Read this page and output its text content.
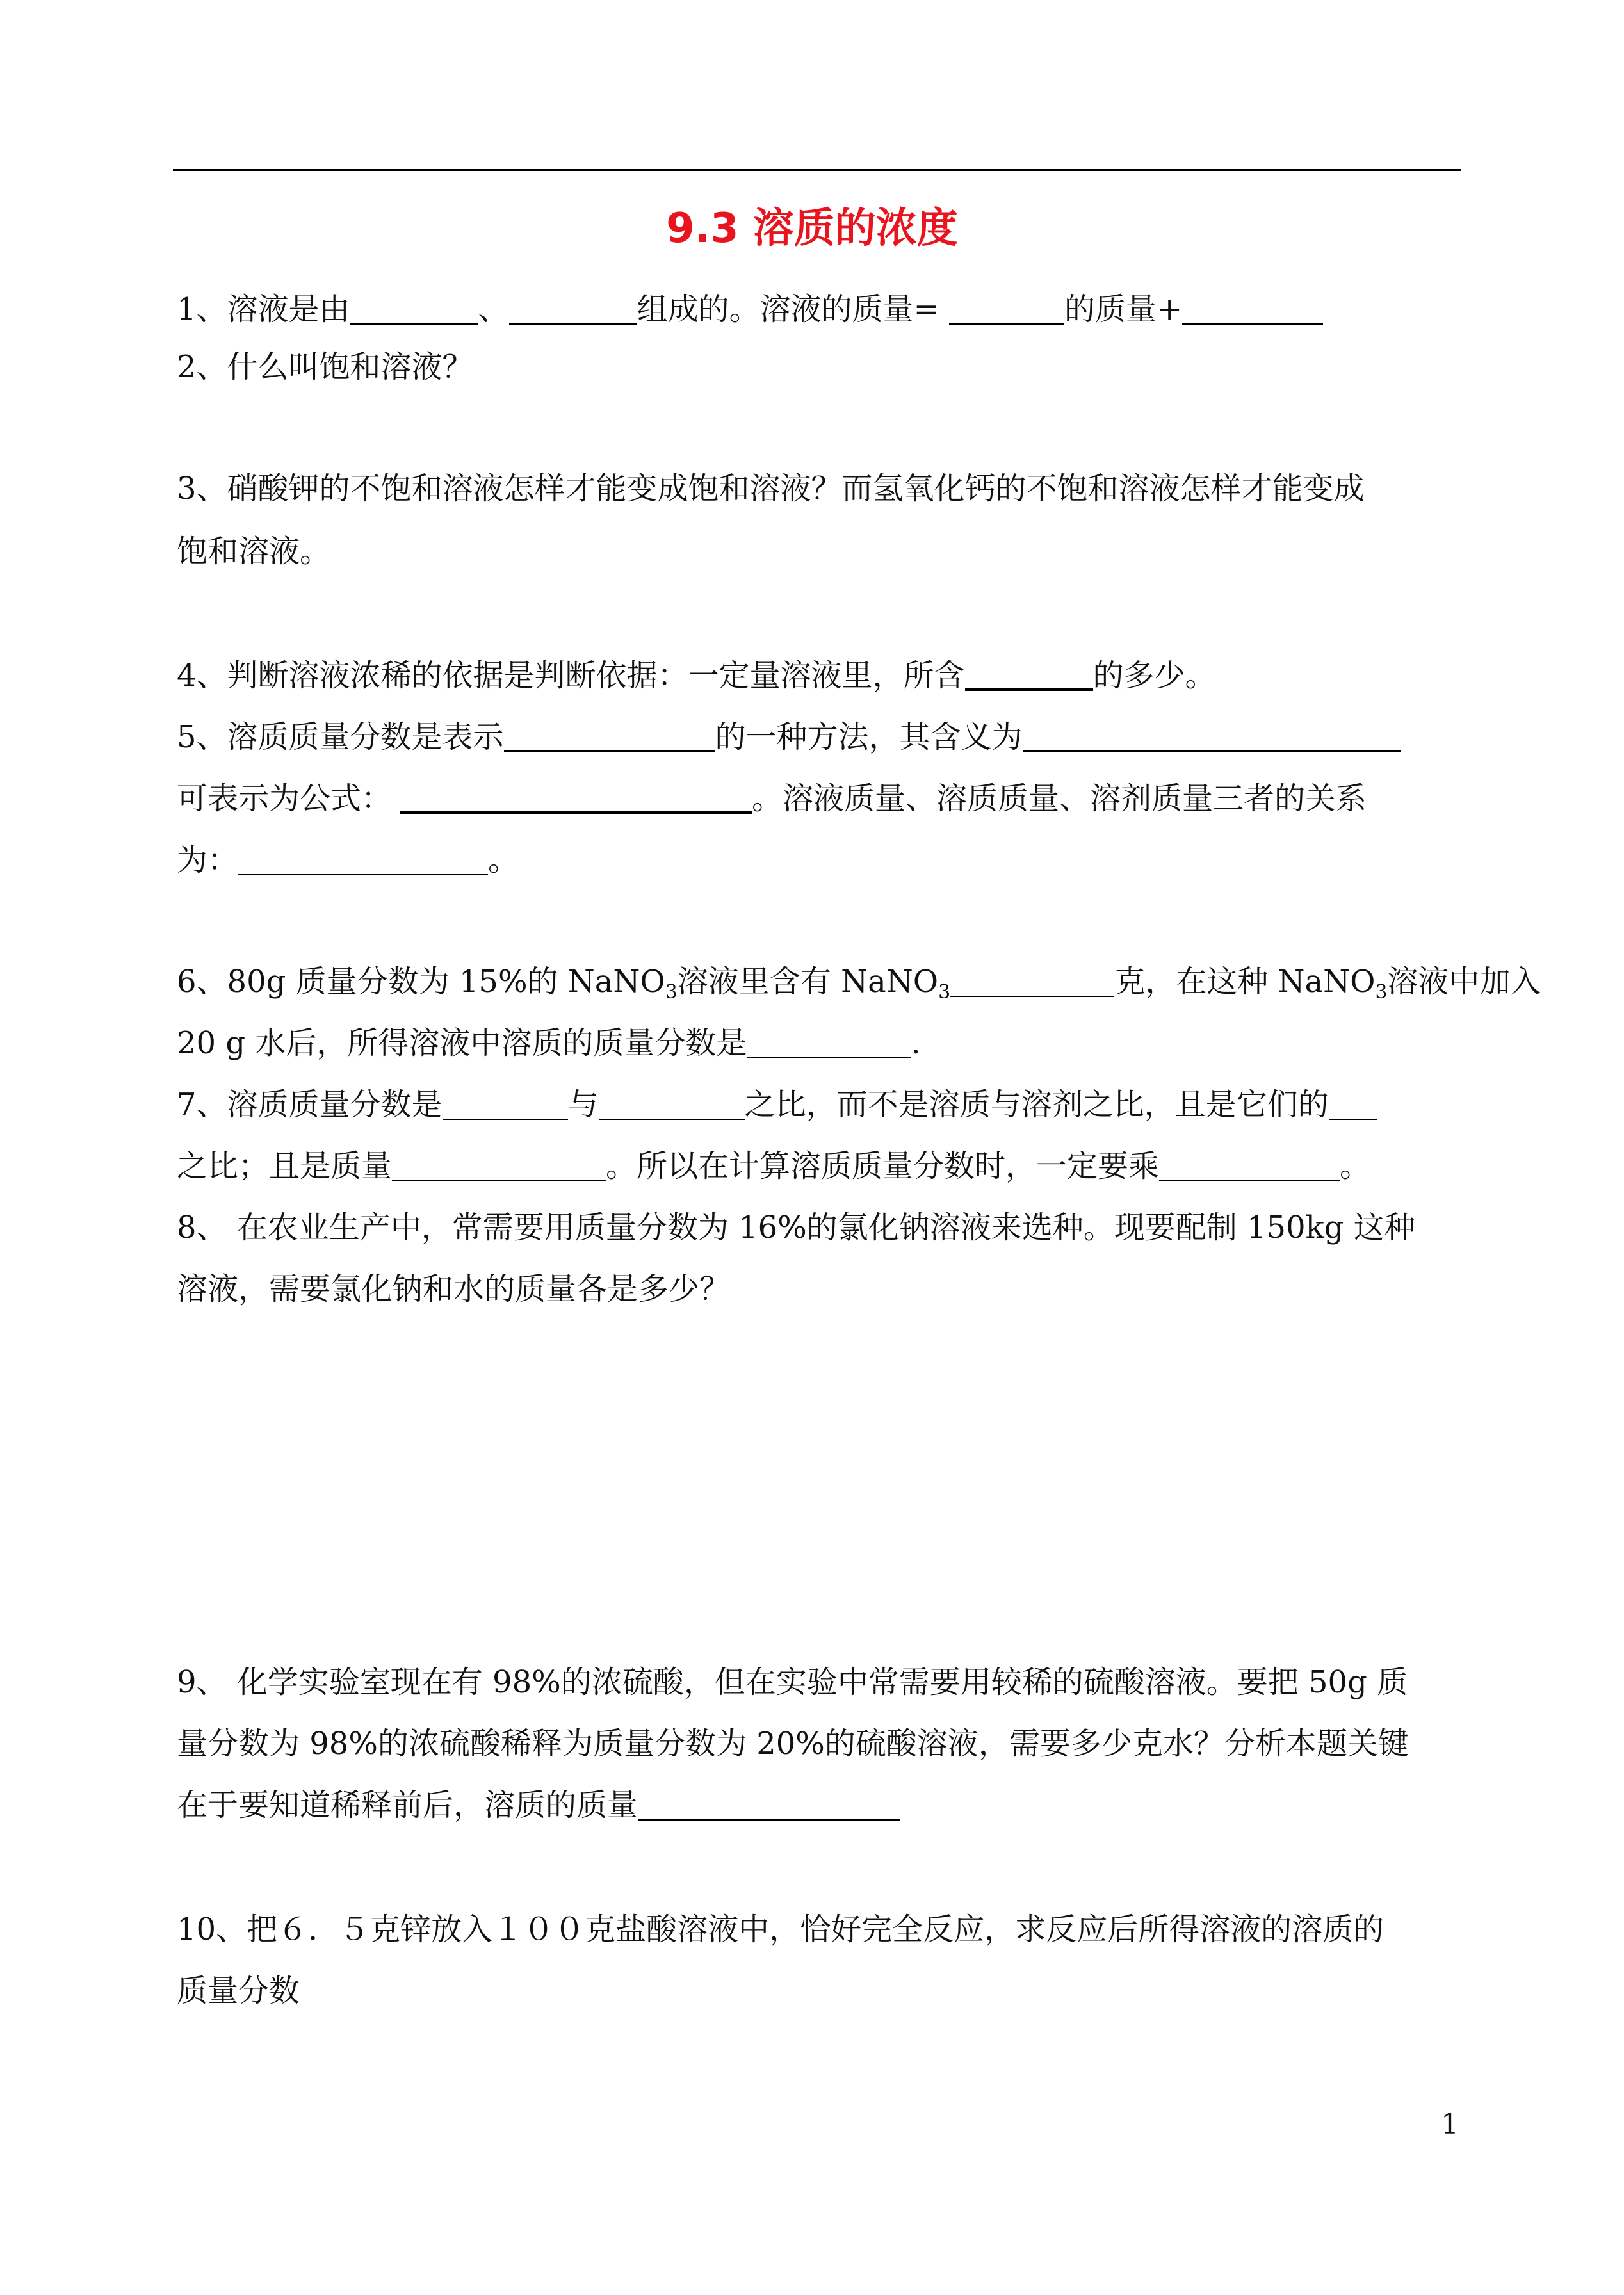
9.3 溶质的浓度
1、溶液是由	、	组成的。溶液的质量=	的质量+
2、什么叫饱和溶液？
3、硝酸钾的不饱和溶液怎样才能变成饱和溶液？而氢氧化钙的不饱和溶液怎样才能变成
饱和溶液。
4、判断溶液浓稀的依据是判断依据：一定量溶液里，所含	的多少。
5、溶质质量分数是表示	的一种方法，其含义为
可表示为公式：	。溶液质量、溶质质量、溶剂质量三者的关系
为：	。
6、80g 质量分数为 15%的 NaNO$_3$溶液里含有 NaNO$_3$	克，在这种 NaNO$_3$溶液中加入
20 g 水后，所得溶液中溶质的质量分数是	.
7、溶质质量分数是	与	之比，而不是溶质与溶剂之比，且是它们的
之比；且是质量	。所以在计算溶质质量分数时，一定要乘	。
8、 在农业生产中，常需要用质量分数为 16%的氯化钠溶液来选种。现要配制 150kg 这种
溶液，需要氯化钠和水的质量各是多少？
9、 化学实验室现在有 98%的浓硫酸，但在实验中常需要用较稀的硫酸溶液。要把 50g 质
量分数为 98%的浓硫酸稀释为质量分数为 20%的硫酸溶液，需要多少克水？分析本题关键
在于要知道稀释前后，溶质的质量
10、把６．５克锌放入１００克盐酸溶液中，恰好完全反应，求反应后所得溶液的溶质的
质量分数
1
